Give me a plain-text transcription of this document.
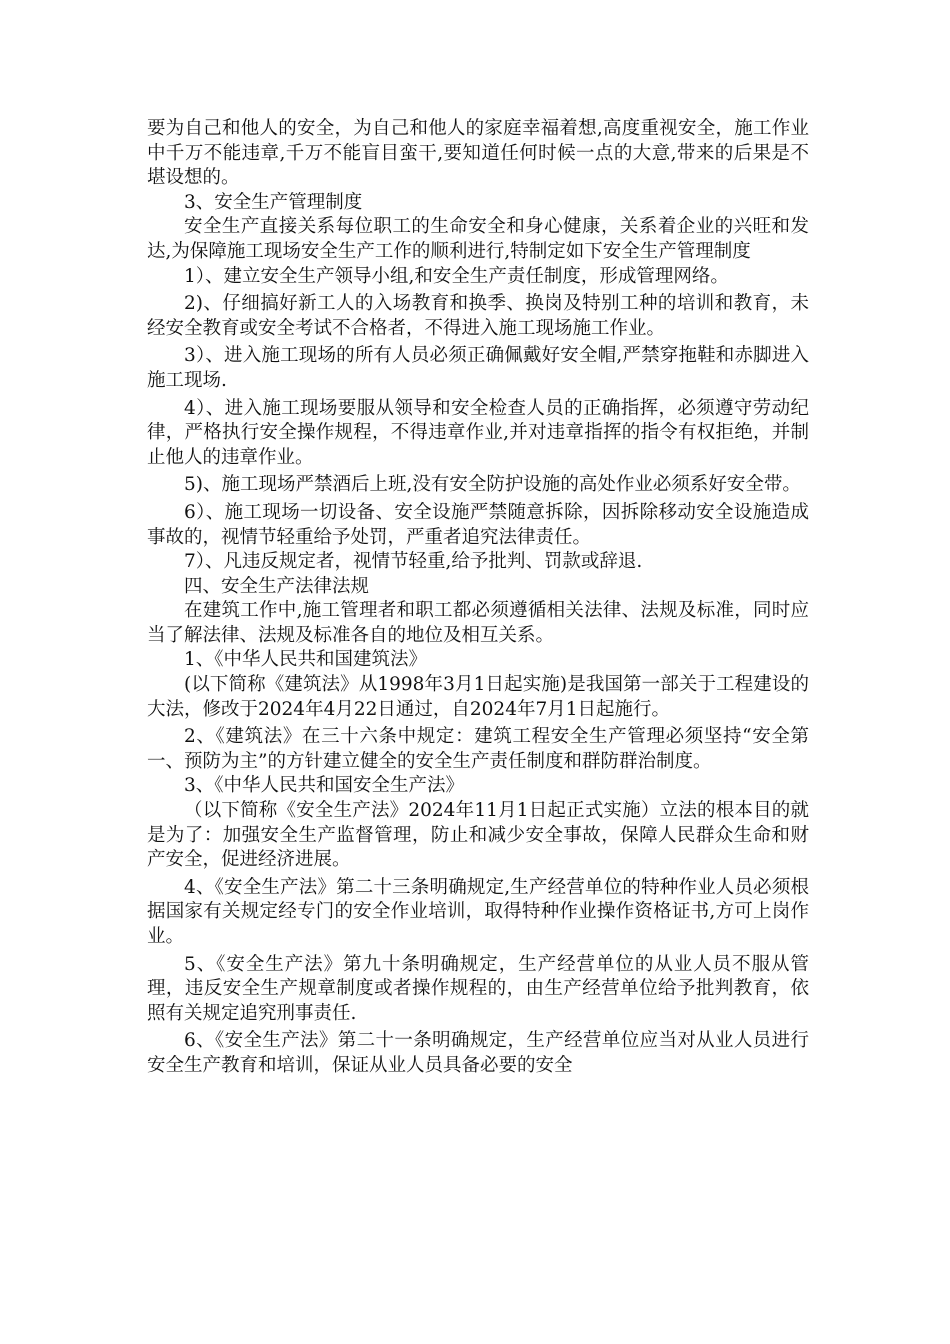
要为自己和他人的安全，为自己和他人的家庭幸福着想,高度重视安全，施工作业中千万不能违章,千万不能盲目蛮干,要知道任何时候一点的大意,带来的后果是不堪设想的。

3、安全生产管理制度

安全生产直接关系每位职工的生命安全和身心健康，关系着企业的兴旺和发达,为保障施工现场安全生产工作的顺利进行,特制定如下安全生产管理制度

1）、建立安全生产领导小组,和安全生产责任制度，形成管理网络。

2)、仔细搞好新工人的入场教育和换季、换岗及特别工种的培训和教育，未经安全教育或安全考试不合格者，不得进入施工现场施工作业。

3）、进入施工现场的所有人员必须正确佩戴好安全帽,严禁穿拖鞋和赤脚进入施工现场.

4）、进入施工现场要服从领导和安全检查人员的正确指挥，必须遵守劳动纪律，严格执行安全操作规程，不得违章作业,并对违章指挥的指令有权拒绝，并制止他人的违章作业。

5)、施工现场严禁酒后上班,没有安全防护设施的高处作业必须系好安全带。

6）、施工现场一切设备、安全设施严禁随意拆除，因拆除移动安全设施造成事故的，视情节轻重给予处罚，严重者追究法律责任。

7）、凡违反规定者，视情节轻重,给予批判、罚款或辞退.

四、安全生产法律法规

在建筑工作中,施工管理者和职工都必须遵循相关法律、法规及标准，同时应当了解法律、法规及标准各自的地位及相互关系。

1、《中华人民共和国建筑法》

(以下简称《建筑法》从1998年3月1日起实施)是我国第一部关于工程建设的大法，修改于2024年4月22日通过，自2024年7月1日起施行。

2、《建筑法》在三十六条中规定：建筑工程安全生产管理必须坚持“安全第一、预防为主”的方针建立健全的安全生产责任制度和群防群治制度。

3、《中华人民共和国安全生产法》

（以下简称《安全生产法》2024年11月1日起正式实施）立法的根本目的就是为了：加强安全生产监督管理，防止和减少安全事故，保障人民群众生命和财产安全，促进经济进展。

4、《安全生产法》第二十三条明确规定,生产经营单位的特种作业人员必须根据国家有关规定经专门的安全作业培训，取得特种作业操作资格证书,方可上岗作业。

5、《安全生产法》第九十条明确规定，生产经营单位的从业人员不服从管理，违反安全生产规章制度或者操作规程的，由生产经营单位给予批判教育，依照有关规定追究刑事责任.

6、《安全生产法》第二十一条明确规定，生产经营单位应当对从业人员进行安全生产教育和培训，保证从业人员具备必要的安全
